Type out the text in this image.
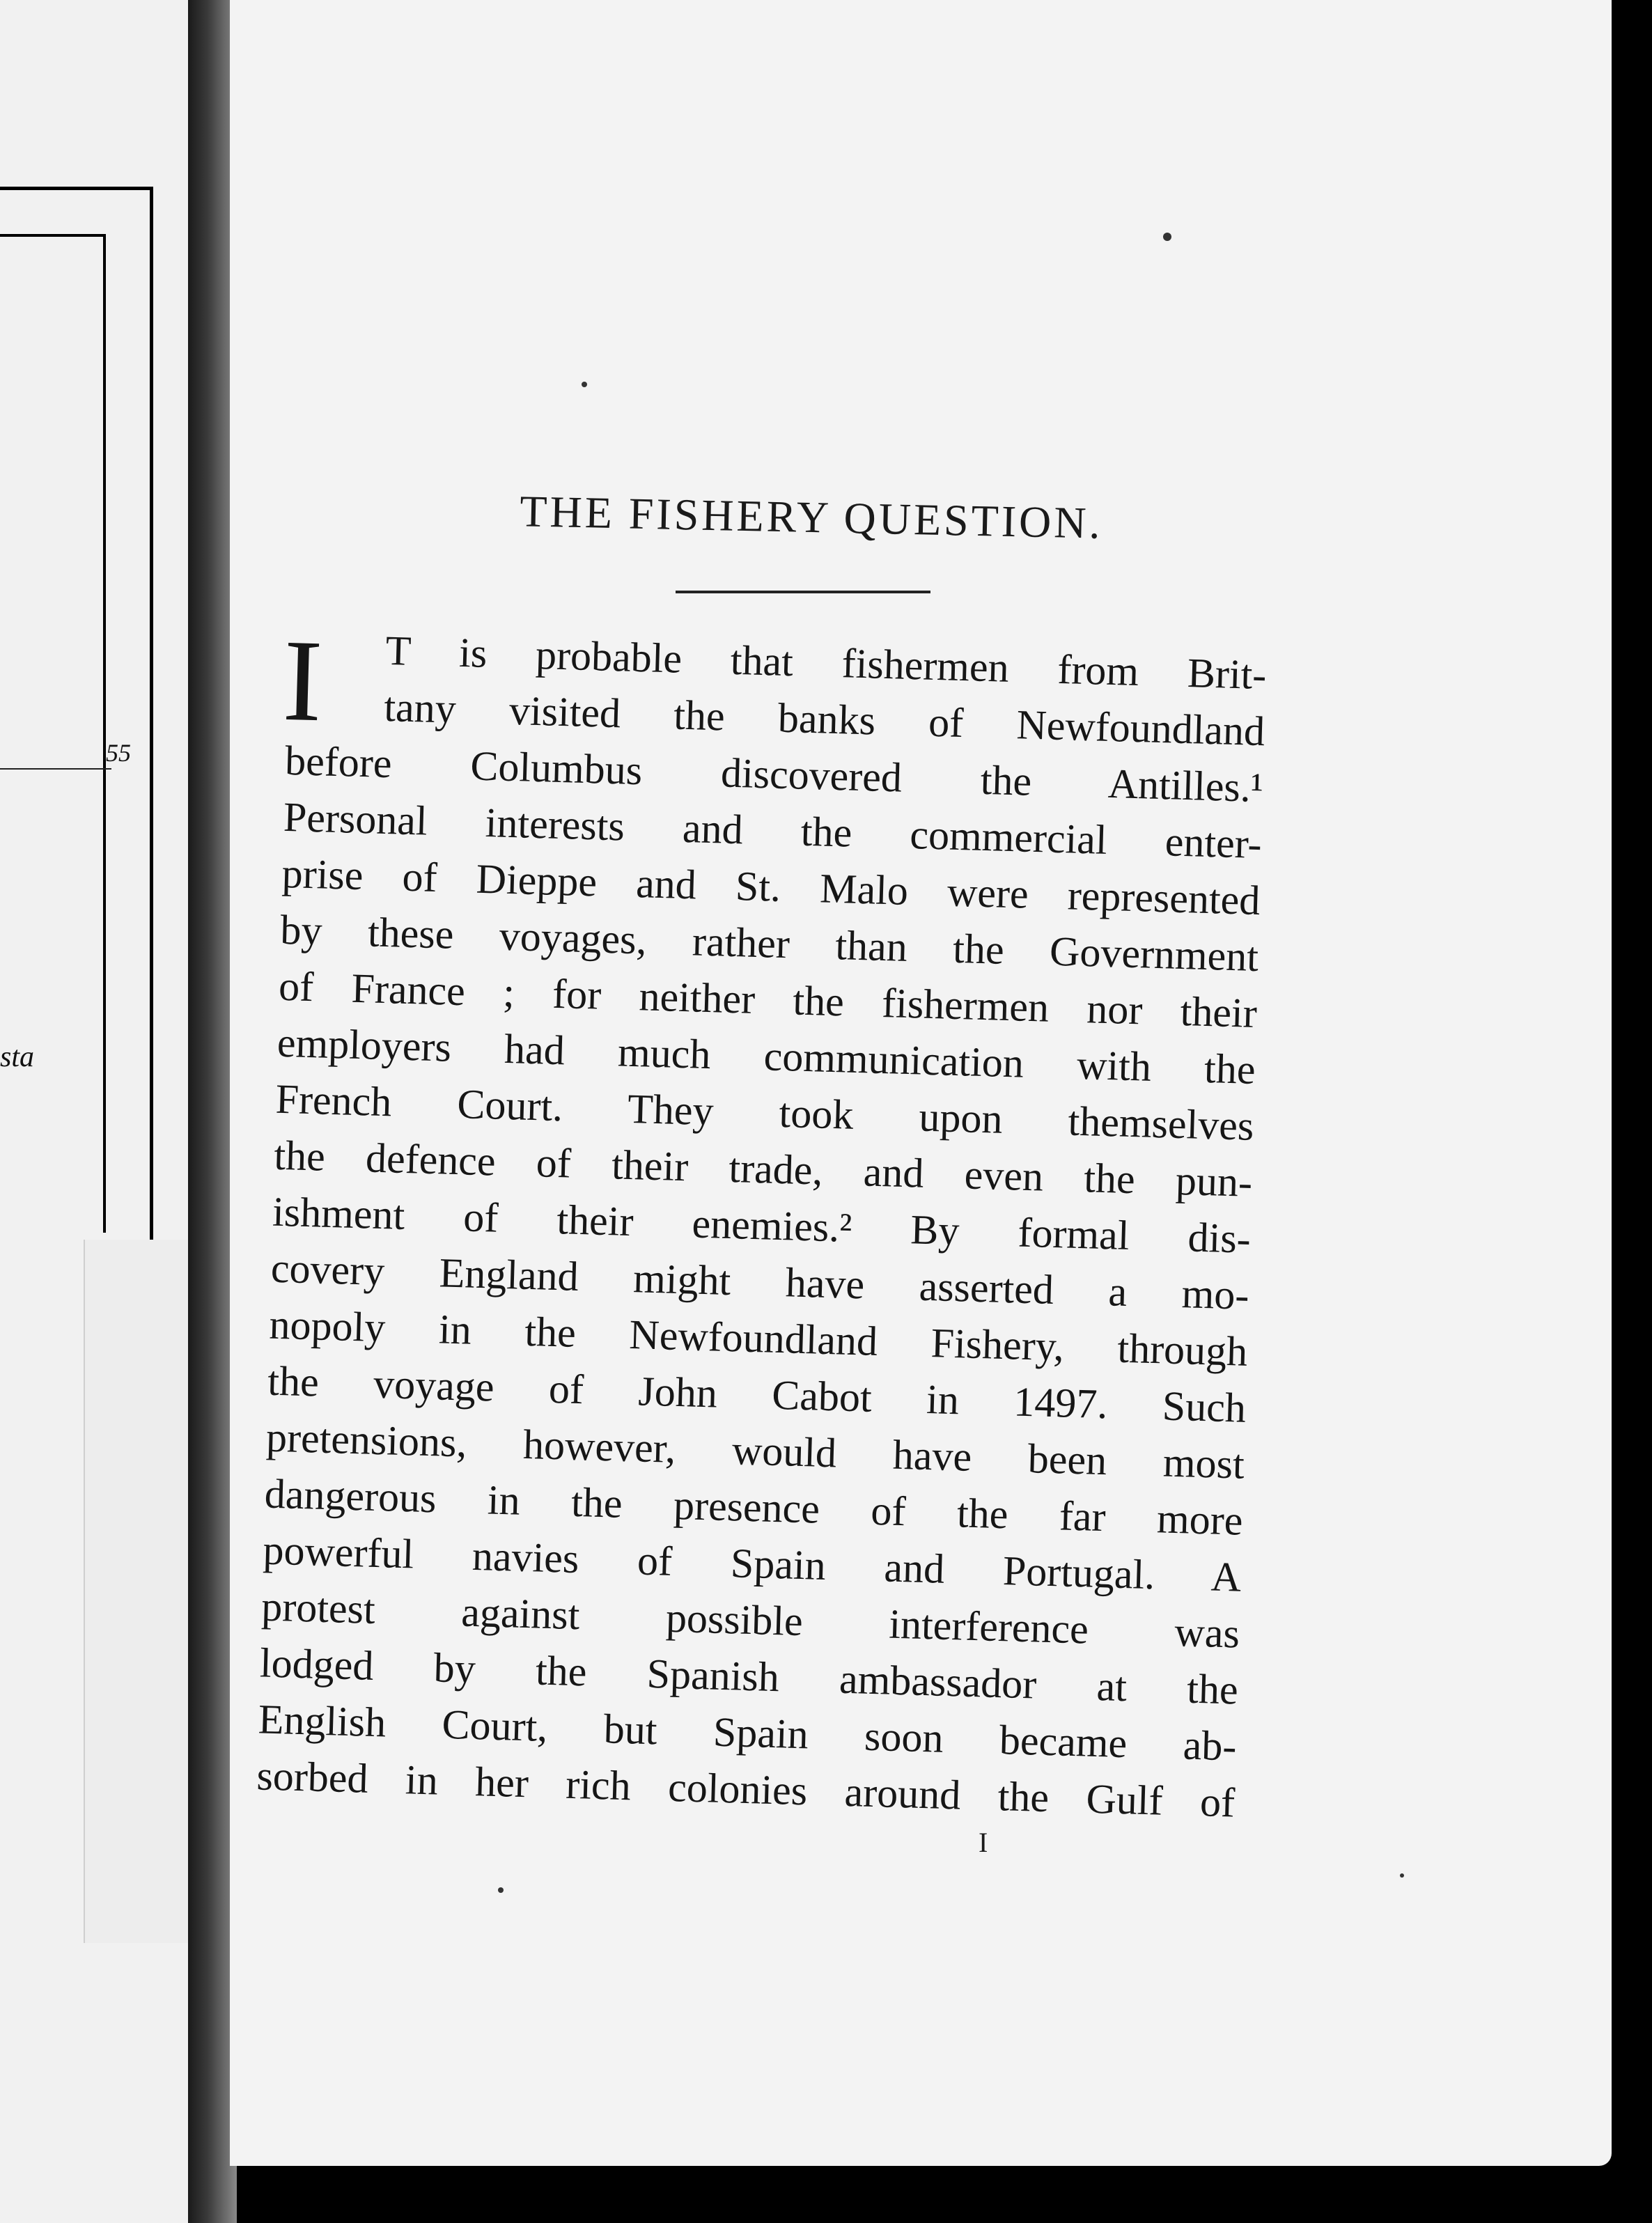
55
sta
THE FISHERY QUESTION.
I T is probable that fishermen from Brit-
tany visited the banks of Newfoundland
before Columbus discovered the Antilles.¹
Personal interests and the commercial enter-
prise of Dieppe and St. Malo were represented
by these voyages, rather than the Government
of France ; for neither the fishermen nor their
employers had much communication with the
French Court. They took upon themselves
the defence of their trade, and even the pun-
ishment of their enemies.² By formal dis-
covery England might have asserted a mo-
nopoly in the Newfoundland Fishery, through
the voyage of John Cabot in 1497. Such
pretensions, however, would have been most
dangerous in the presence of the far more
powerful navies of Spain and Portugal. A
protest against possible interference was
lodged by the Spanish ambassador at the
English Court, but Spain soon became ab-
sorbed in her rich colonies around the Gulf of
I
